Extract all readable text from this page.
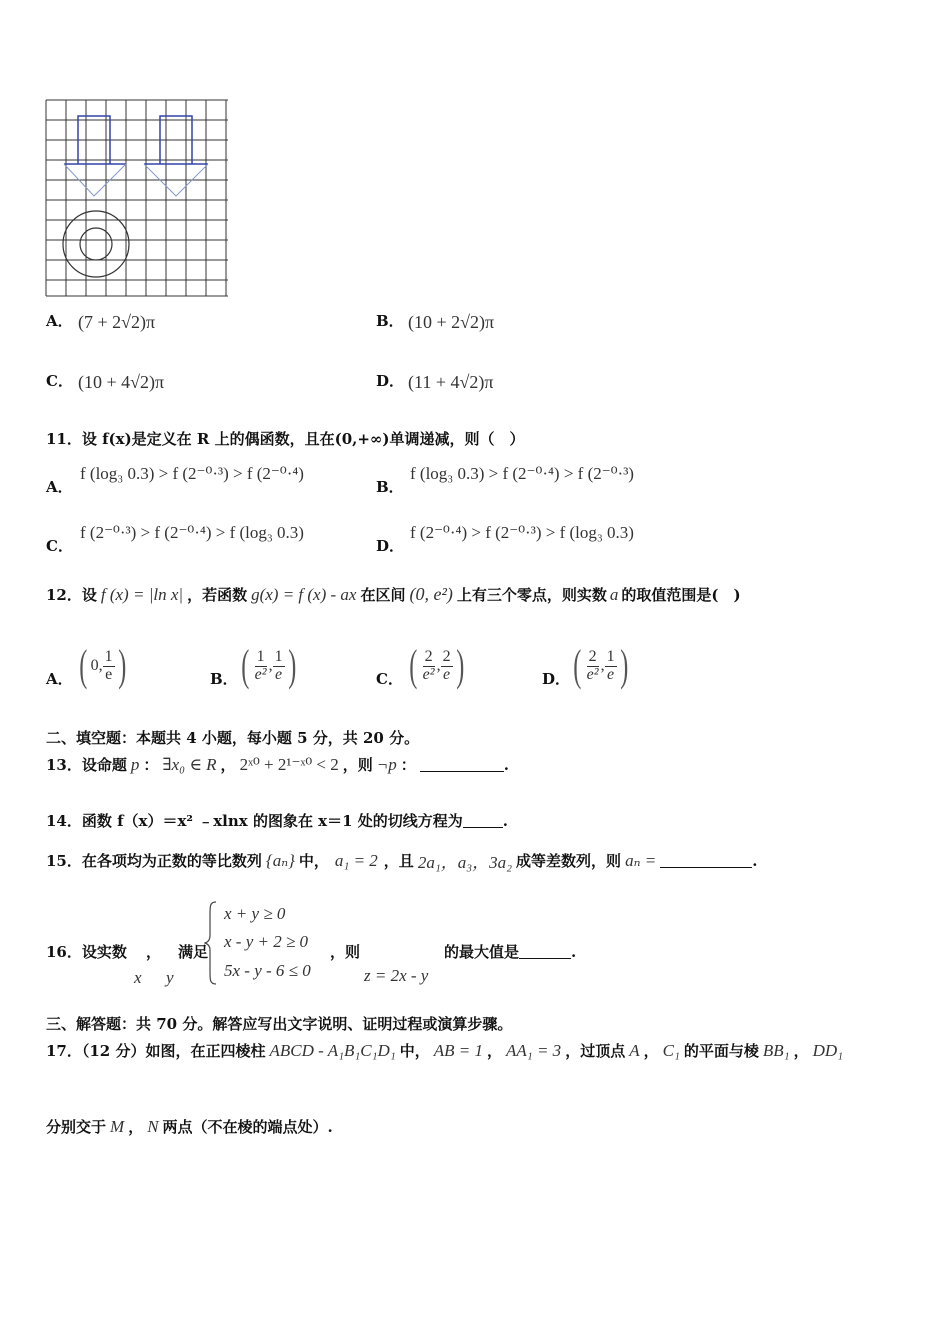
A． (7 + 2√2)π	B． (10 + 2√2)π
C． (10 + 4√2)π	D． (11 + 4√2)π
11．设 f(x)是定义在 R 上的偶函数，且在(0,+∞)单调递减，则（　）
A．
f (log₃ 0.3) > f (2⁻⁰·³) > f (2⁻⁰·⁴)
B．
f (log₃ 0.3) > f (2⁻⁰·⁴) > f (2⁻⁰·³)
C．
f (2⁻⁰·³) > f (2⁻⁰·⁴) > f (log₃ 0.3)
D．
f (2⁻⁰·⁴) > f (2⁻⁰·³) > f (log₃ 0.3)
12．设 f (x) = |ln x| ，若函数 g(x) = f (x) - ax 在区间 (0, e²) 上有三个零点，则实数 a 的取值范围是(　)
A． ( 0, $\frac{1}{e}$ )	B． ( $\frac{1}{\text{e²}}$ , $\frac{1}{e}$ )	C． ( $\frac{2}{\text{e²}}$ , $\frac{2}{e}$ )	D． ( $\frac{2}{\text{e²}}$ , $\frac{1}{e}$ )
二、填空题：本题共 4 小题，每小题 5 分，共 20 分。
13．设命题 p ： ∃x₀ ∈ R ， 2ˣ⁰ + 2¹⁻ˣ⁰ < 2 ，则 ¬p ：	.
14．函数 f（x）＝x² ﹣xlnx 的图象在 x＝1 处的切线方程为	.
15．在各项均为正数的等比数列 {aₙ} 中， a₁ = 2 ，且 2a₁，a₃，3a₂ 成等差数列，则 aₙ =	.
16．设实数 ， 满足
x y
x + y ≥ 0
x - y + 2 ≥ 0
5x - y - 6 ≤ 0
，则
z = 2x - y
的最大值是	.
三、解答题：共 70 分。解答应写出文字说明、证明过程或演算步骤。
17．（12 分）如图，在正四棱柱 ABCD - A₁B₁C₁D₁ 中， AB = 1 ， AA₁ = 3 ，过顶点 A ， C₁ 的平面与棱 BB₁ ， DD₁
分别交于 M ， N 两点（不在棱的端点处）.
